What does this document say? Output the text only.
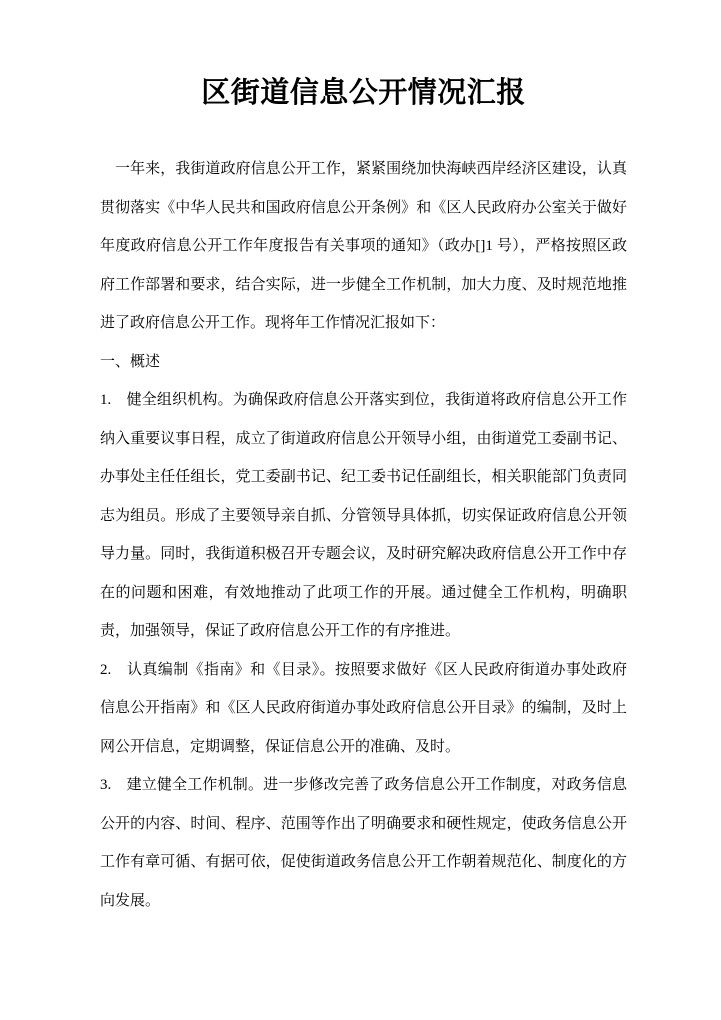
区街道信息公开情况汇报

　一年来，我街道政府信息公开工作，紧紧围绕加快海峡西岸经济区建设，认真贯彻落实《中华人民共和国政府信息公开条例》和《区人民政府办公室关于做好年度政府信息公开工作年度报告有关事项的通知》（政办[]1 号），严格按照区政府工作部署和要求，结合实际，进一步健全工作机制，加大力度、及时规范地推进了政府信息公开工作。现将年工作情况汇报如下：

一、概述

1.　健全组织机构。为确保政府信息公开落实到位，我街道将政府信息公开工作纳入重要议事日程，成立了街道政府信息公开领导小组，由街道党工委副书记、办事处主任任组长，党工委副书记、纪工委书记任副组长，相关职能部门负责同志为组员。形成了主要领导亲自抓、分管领导具体抓，切实保证政府信息公开领导力量。同时，我街道积极召开专题会议，及时研究解决政府信息公开工作中存在的问题和困难，有效地推动了此项工作的开展。通过健全工作机构，明确职责，加强领导，保证了政府信息公开工作的有序推进。

2.　认真编制《指南》和《目录》。按照要求做好《区人民政府街道办事处政府信息公开指南》和《区人民政府街道办事处政府信息公开目录》的编制，及时上网公开信息，定期调整，保证信息公开的准确、及时。

3.　建立健全工作机制。进一步修改完善了政务信息公开工作制度，对政务信息公开的内容、时间、程序、范围等作出了明确要求和硬性规定，使政务信息公开工作有章可循、有据可依，促使街道政务信息公开工作朝着规范化、制度化的方向发展。
